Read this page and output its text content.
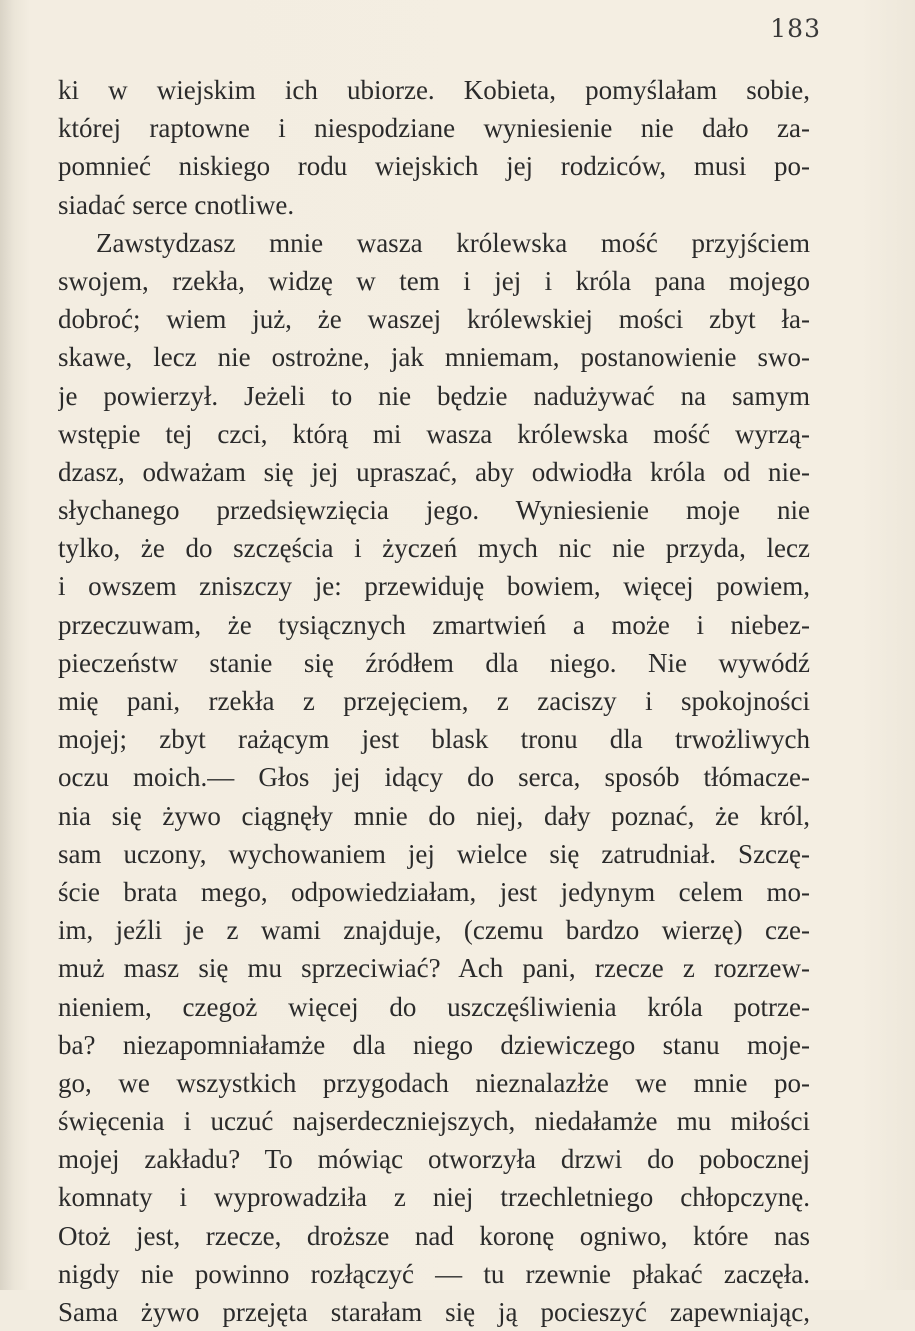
183
ki w wiejskim ich ubiorze. Kobieta, pomyślałam sobie,
której raptowne i niespodziane wyniesienie nie dało za-
pomnieć niskiego rodu wiejskich jej rodziców, musi po-
siadać serce cnotliwe.
Zawstydzasz mnie wasza królewska mość przyjściem
swojem, rzekła, widzę w tem i jej i króla pana mojego
dobroć; wiem już, że waszej królewskiej mości zbyt ła-
skawe, lecz nie ostrożne, jak mniemam, postanowienie swo-
je powierzył. Jeżeli to nie będzie nadużywać na samym
wstępie tej czci, którą mi wasza królewska mość wyrzą-
dzasz, odważam się jej upraszać, aby odwiodła króla od nie-
słychanego przedsięwzięcia jego. Wyniesienie moje nie
tylko, że do szczęścia i życzeń mych nic nie przyda, lecz
i owszem zniszczy je: przewiduję bowiem, więcej powiem,
przeczuwam, że tysiącznych zmartwień a może i niebez-
pieczeństw stanie się źródłem dla niego. Nie wywódź
mię pani, rzekła z przejęciem, z zaciszy i spokojności
mojej; zbyt rażącym jest blask tronu dla trwożliwych
oczu moich.— Głos jej idący do serca, sposób tłómacze-
nia się żywo ciągnęły mnie do niej, dały poznać, że król,
sam uczony, wychowaniem jej wielce się zatrudniał. Szczę-
ście brata mego, odpowiedziałam, jest jedynym celem mo-
im, jeźli je z wami znajduje, (czemu bardzo wierzę) cze-
muż masz się mu sprzeciwiać? Ach pani, rzecze z rozrzew-
nieniem, czegoż więcej do uszczęśliwienia króla potrze-
ba? niezapomniałamże dla niego dziewiczego stanu moje-
go, we wszystkich przygodach nieznalazłże we mnie po-
święcenia i uczuć najserdeczniejszych, niedałamże mu miłości
mojej zakładu? To mówiąc otworzyła drzwi do pobocznej
komnaty i wyprowadziła z niej trzechletniego chłopczynę.
Otoż jest, rzecze, droższe nad koronę ogniwo, które nas
nigdy nie powinno rozłączyć — tu rzewnie płakać zaczęła.
Sama żywo przejęta starałam się ją pocieszyć zapewniając,
